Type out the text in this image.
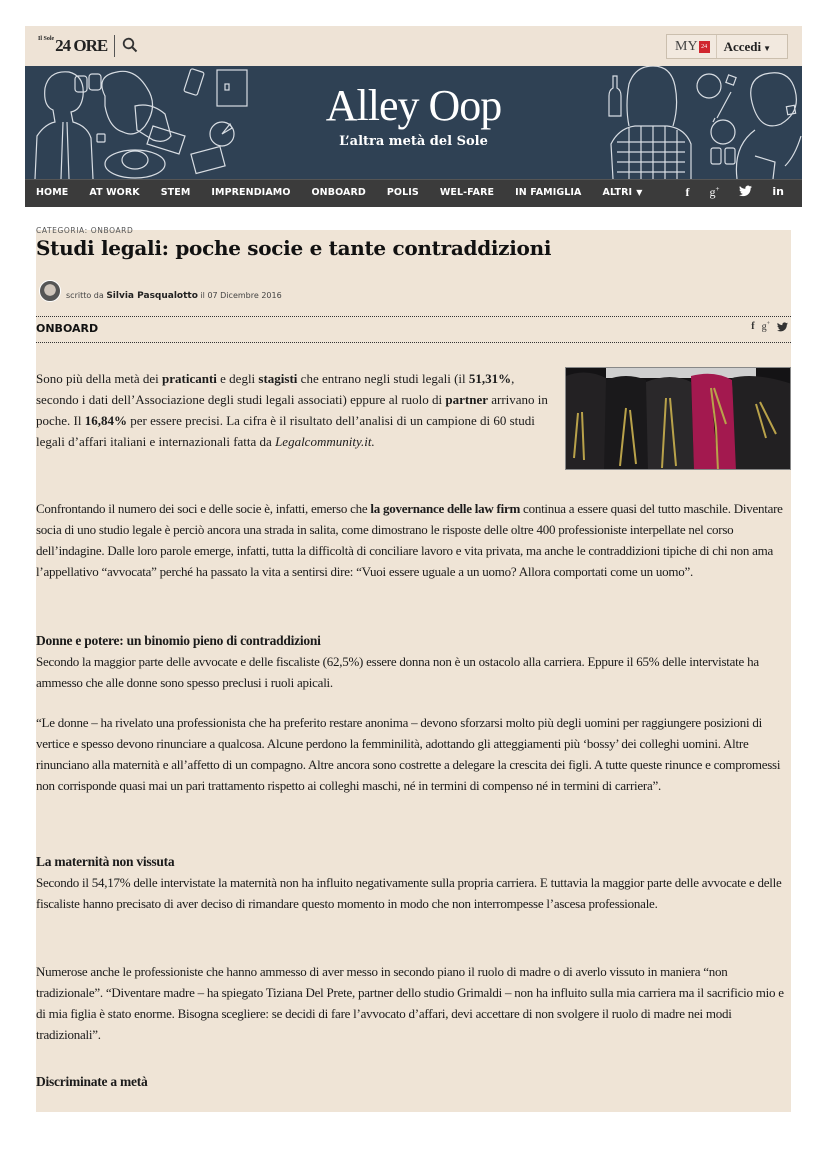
$^{Il Sole}$24 ORE	MY 24	Accedi ▼
Alley Oop
L’altra metà del Sole
HOME AT WORK STEM IMPRENDIAMO ONBOARD POLIS WEL-FARE IN FAMIGLIA ALTRI ▼	f g+	in
CATEGORIA: ONBOARD
Studi legali: poche socie e tante contraddizioni
scritto da Silvia Pasqualotto il 07 Dicembre 2016
ONBOARD	f g+
Sono più della metà dei praticanti e degli stagisti che entrano negli studi legali (il 51,31%, secondo i dati dell’Associazione degli studi legali associati) eppure al ruolo di partner arrivano in poche. Il 16,84% per essere precisi. La cifra è il risultato dell’analisi di un campione di 60 studi legali d’affari italiani e internazionali fatta da Legalcommunity.it.
Confrontando il numero dei soci e delle socie è, infatti, emerso che la governance delle law firm continua a essere quasi del tutto maschile. Diventare socia di uno studio legale è perciò ancora una strada in salita, come dimostrano le risposte delle oltre 400 professioniste interpellate nel corso dell’indagine. Dalle loro parole emerge, infatti, tutta la difficoltà di conciliare lavoro e vita privata, ma anche le contraddizioni tipiche di chi non ama l’appellativo “avvocata” perché ha passato la vita a sentirsi dire: “Vuoi essere uguale a un uomo? Allora comportati come un uomo”.
Donne e potere: un binomio pieno di contraddizioni

Secondo la maggior parte delle avvocate e delle fiscaliste (62,5%) essere donna non è un ostacolo alla carriera. Eppure il 65% delle intervistate ha ammesso che alle donne sono spesso preclusi i ruoli apicali.

“Le donne – ha rivelato una professionista che ha preferito restare anonima – devono sforzarsi molto più degli uomini per raggiungere posizioni di vertice e spesso devono rinunciare a qualcosa. Alcune perdono la femminilità, adottando gli atteggiamenti più ‘bossy’ dei colleghi uomini. Altre rinunciano alla maternità e all’affetto di un compagno. Altre ancora sono costrette a delegare la crescita dei figli. A tutte queste rinunce e compromessi non corrisponde quasi mai un pari trattamento rispetto ai colleghi maschi, né in termini di compenso né in termini di carriera”.
La maternità non vissuta

Secondo il 54,17% delle intervistate la maternità non ha influito negativamente sulla propria carriera. E tuttavia la maggior parte delle avvocate e delle fiscaliste hanno precisato di aver deciso di rimandare questo momento in modo che non interrompesse l’ascesa professionale.

Numerose anche le professioniste che hanno ammesso di aver messo in secondo piano il ruolo di madre o di averlo vissuto in maniera “non tradizionale”. “Diventare madre – ha spiegato Tiziana Del Prete, partner dello studio Grimaldi – non ha influito sulla mia carriera ma il sacrificio mio e di mia figlia è stato enorme. Bisogna scegliere: se decidi di fare l’avvocato d’affari, devi accettare di non svolgere il ruolo di madre nei modi tradizionali”.
Discriminate a metà
